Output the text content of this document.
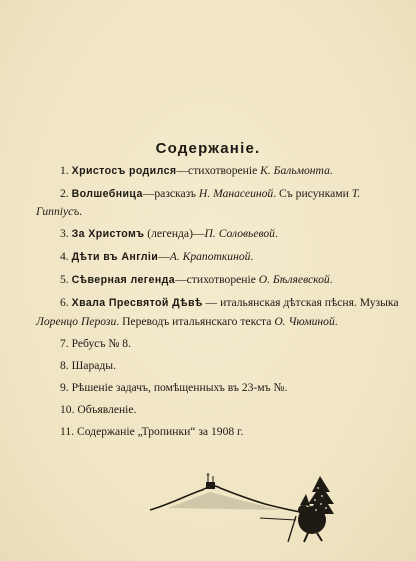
Содержаніе.

1. Христосъ родился—стихотвореніе К. Бальмонта.

2. Волшебница—разсказъ Н. Манасеиной. Съ рисунками Т. Гиппіусъ.

3. За Христомъ (легенда)—П. Соловьевой.

4. Дѣти въ Англіи—А. Крапоткиной.

5. Сѣверная легенда—стихотвореніе О. Бѣляевской.

6. Хвала Пресвятой Дѣвѣ — итальянская дѣтская пѣсня. Музыка Лоренцо Перози. Переводъ итальянскаго текста О. Чюминой.

7. Ребусъ № 8.

8. Шарады.

9. Рѣшеніе задачъ, помѣщенныхъ въ 23-мъ №.

10. Объявленіе.

11. Содержаніе „Тропинки“ за 1908 г.
